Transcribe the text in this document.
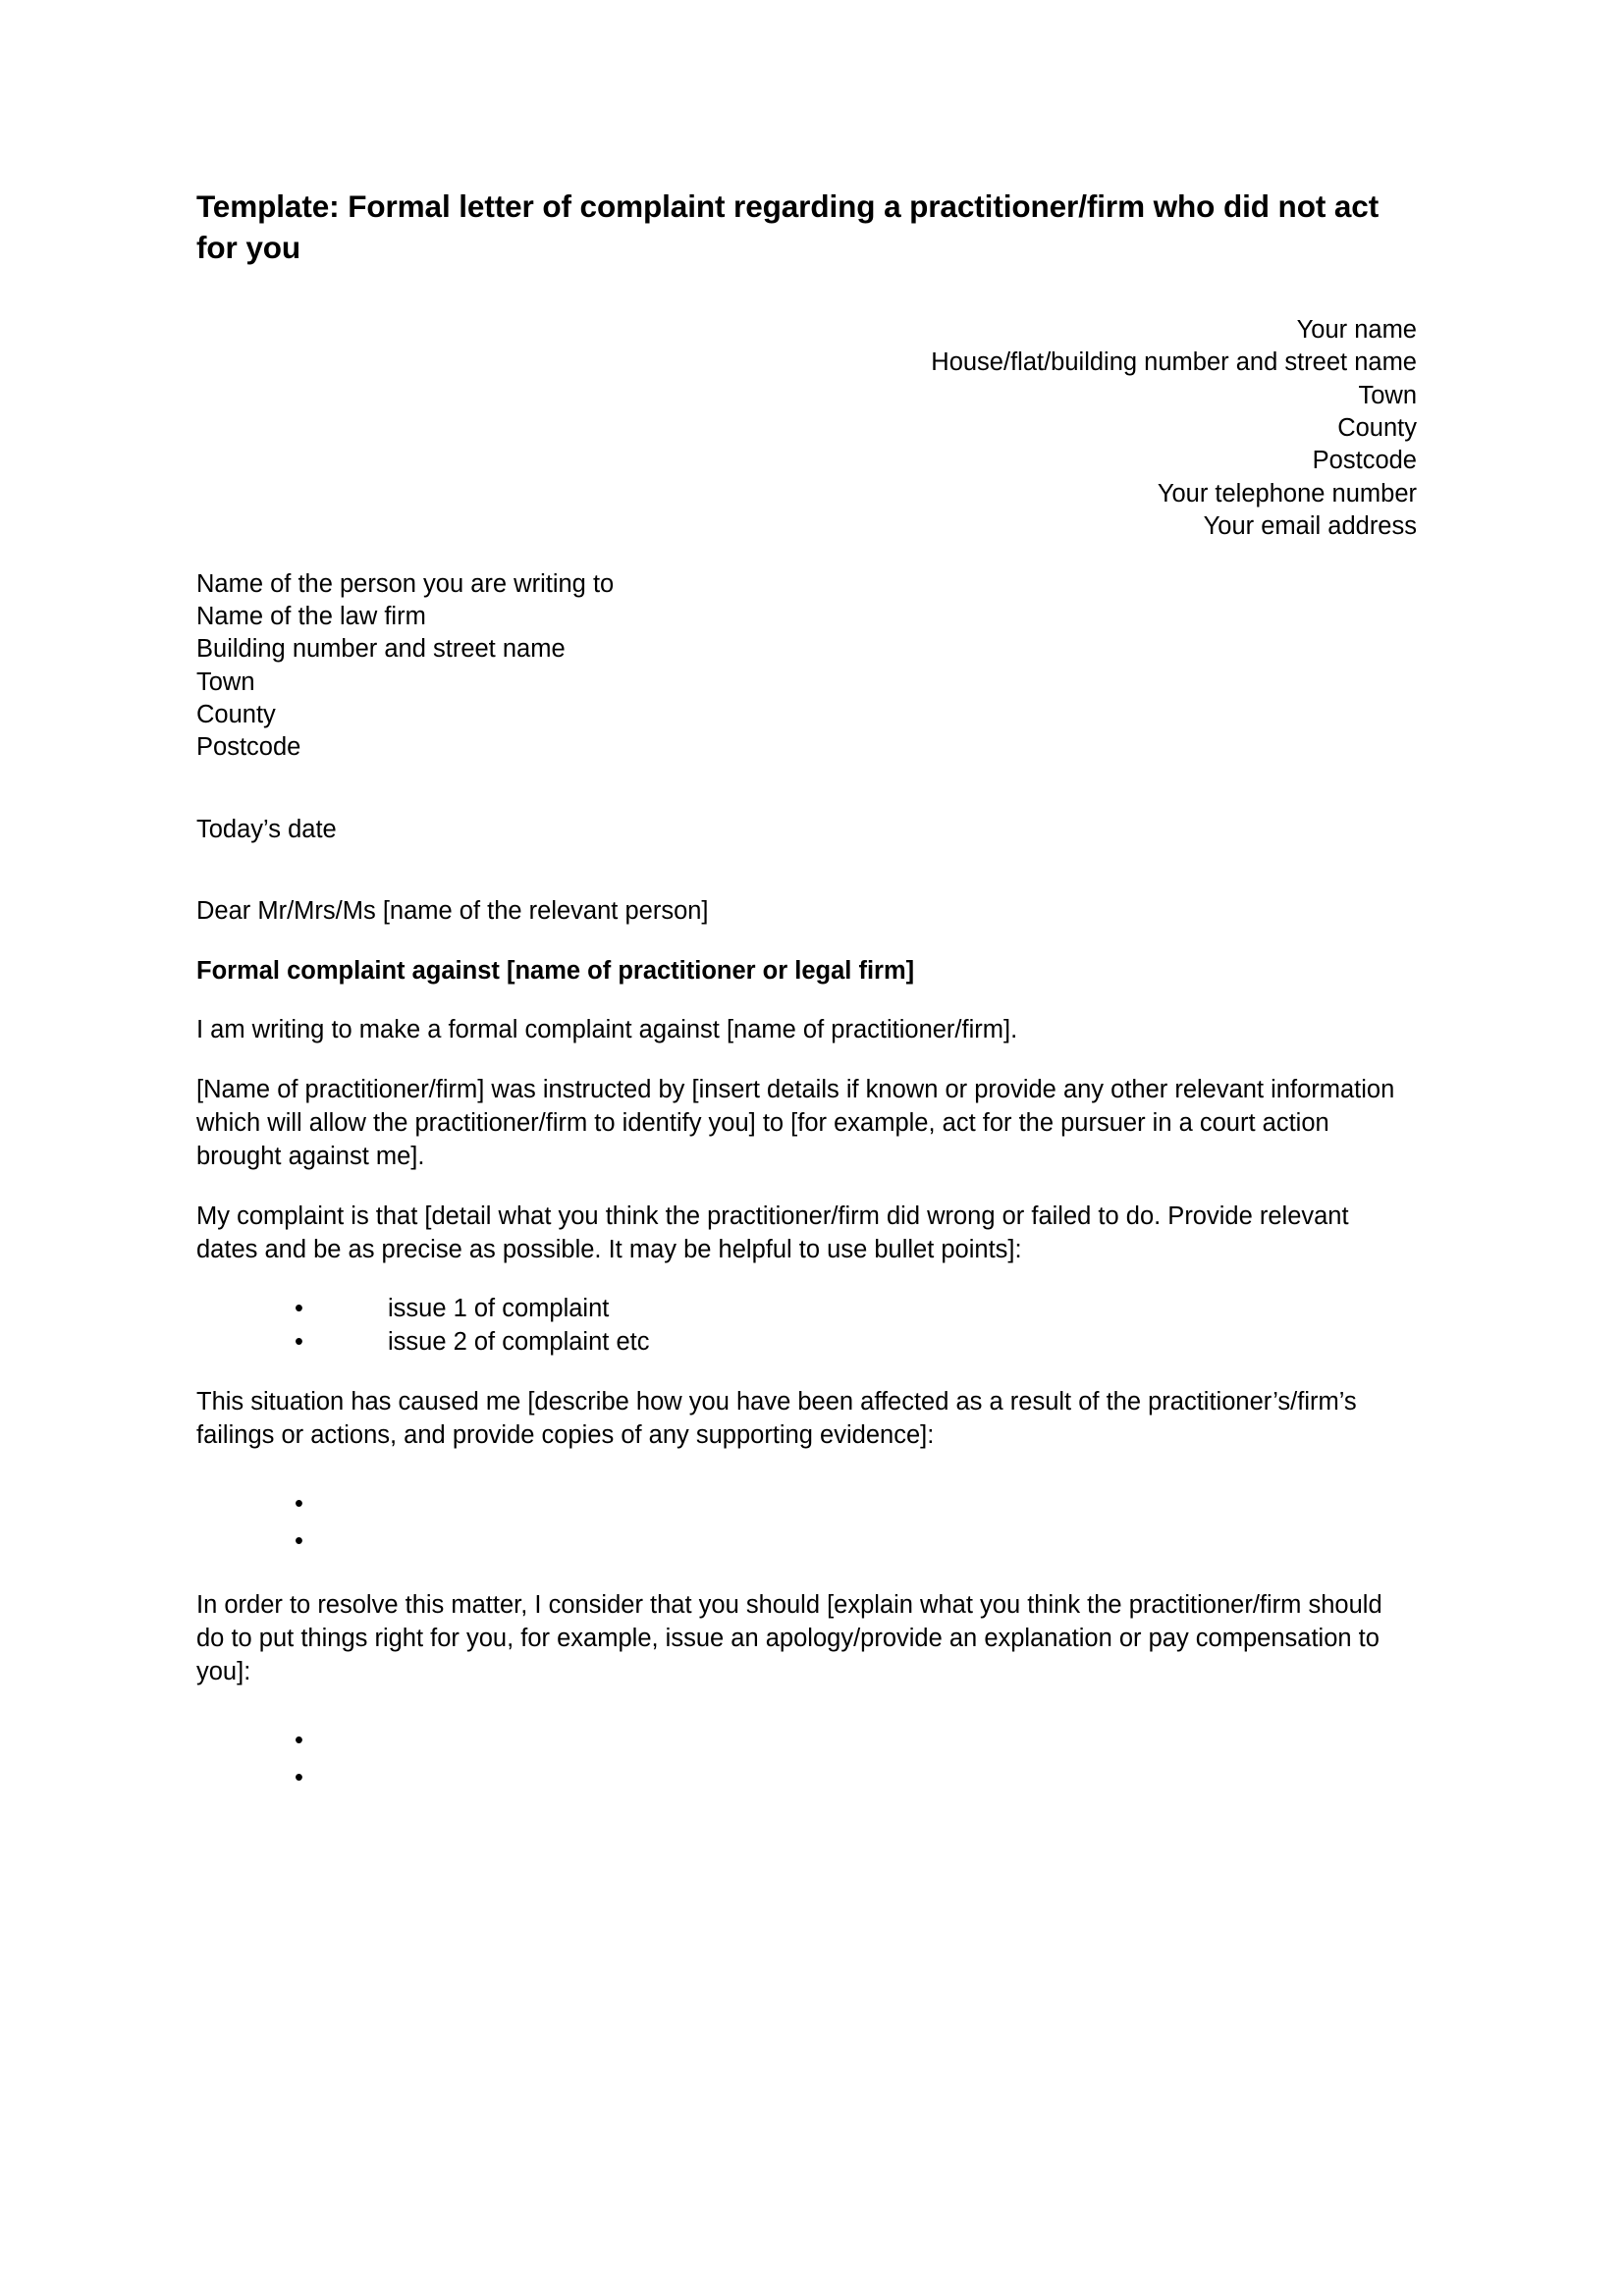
Template: Formal letter of complaint regarding a practitioner/firm who did not act for you
Your name
House/flat/building number and street name
Town
County
Postcode
Your telephone number
Your email address
Name of the person you are writing to
Name of the law firm
Building number and street name
Town
County
Postcode

Today’s date

Dear Mr/Mrs/Ms [name of the relevant person]

Formal complaint against [name of practitioner or legal firm]

I am writing to make a formal complaint against [name of practitioner/firm].

[Name of practitioner/firm] was instructed by [insert details if known or provide any other relevant information which will allow the practitioner/firm to identify you] to [for example, act for the pursuer in a court action brought against me].

My complaint is that [detail what you think the practitioner/firm did wrong or failed to do. Provide relevant dates and be as precise as possible. It may be helpful to use bullet points]:

• issue 1 of complaint
• issue 2 of complaint etc

This situation has caused me [describe how you have been affected as a result of the practitioner’s/firm’s failings or actions, and provide copies of any supporting evidence]:

•
•

In order to resolve this matter, I consider that you should [explain what you think the practitioner/firm should do to put things right for you, for example, issue an apology/provide an explanation or pay compensation to you]:

•
•
